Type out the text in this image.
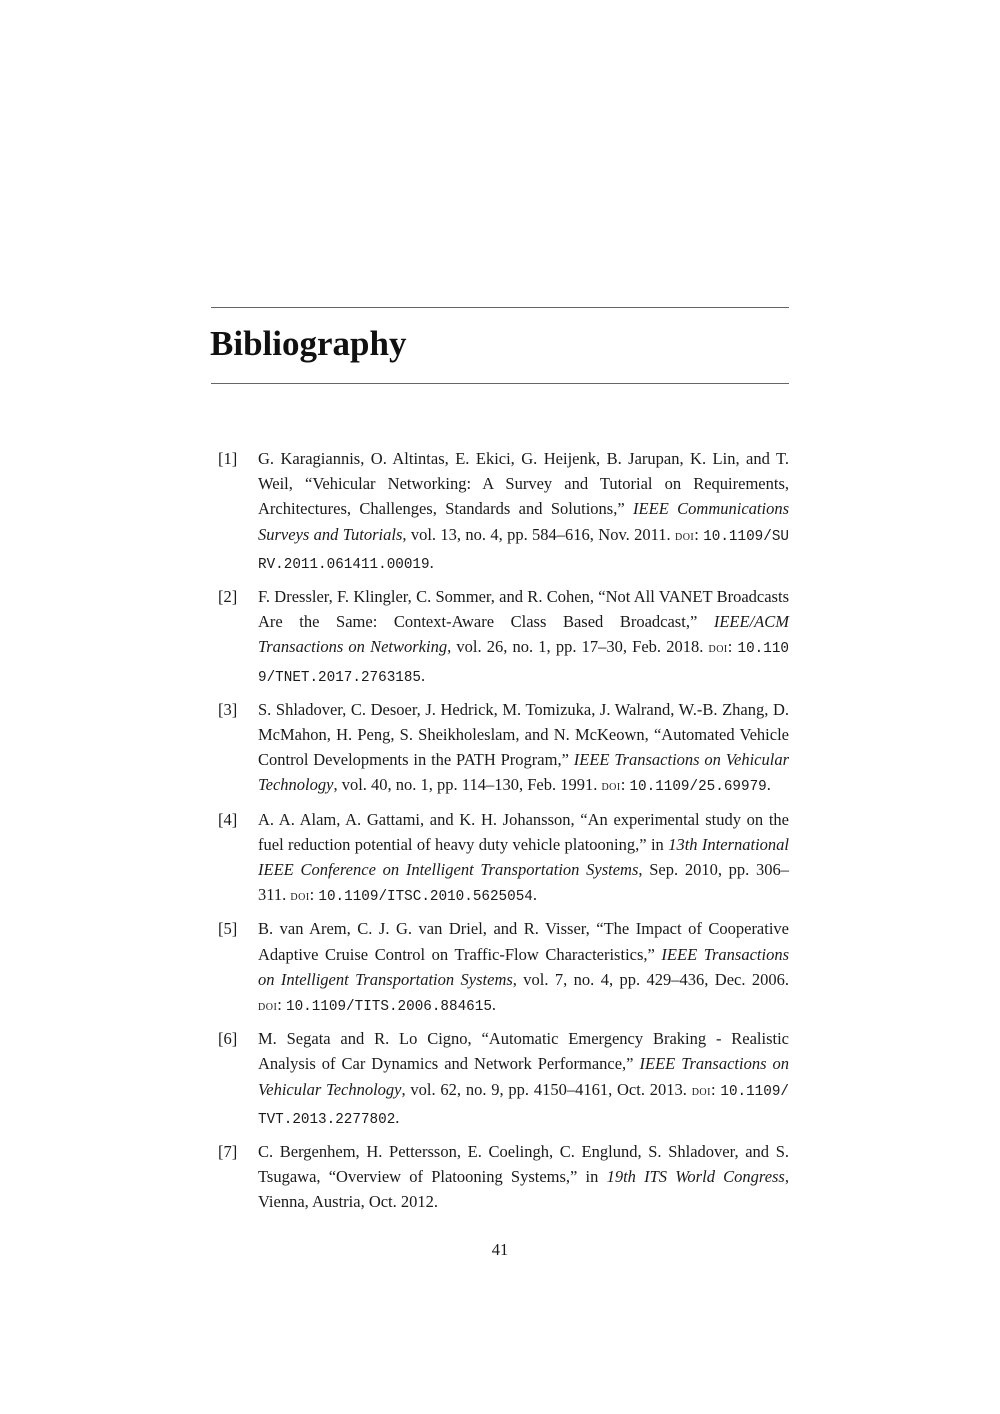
Bibliography
[1] G. Karagiannis, O. Altintas, E. Ekici, G. Heijenk, B. Jarupan, K. Lin, and T. Weil, “Vehicular Networking: A Survey and Tutorial on Requirements, Architectures, Challenges, Standards and Solutions,” IEEE Communications Surveys and Tutorials, vol. 13, no. 4, pp. 584–616, Nov. 2011. doi: 10.1109/SURV.2011.061411.00019.
[2] F. Dressler, F. Klingler, C. Sommer, and R. Cohen, “Not All VANET Broadcasts Are the Same: Context-Aware Class Based Broadcast,” IEEE/ACM Transactions on Networking, vol. 26, no. 1, pp. 17–30, Feb. 2018. doi: 10.1109/TNET.2017.2763185.
[3] S. Shladover, C. Desoer, J. Hedrick, M. Tomizuka, J. Walrand, W.-B. Zhang, D. McMahon, H. Peng, S. Sheikholeslam, and N. McKeown, “Automated Vehicle Control Developments in the PATH Program,” IEEE Transactions on Vehicular Technology, vol. 40, no. 1, pp. 114–130, Feb. 1991. doi: 10.1109/25.69979.
[4] A. A. Alam, A. Gattami, and K. H. Johansson, “An experimental study on the fuel reduction potential of heavy duty vehicle platooning,” in 13th International IEEE Conference on Intelligent Transportation Systems, Sep. 2010, pp. 306–311. doi: 10.1109/ITSC.2010.5625054.
[5] B. van Arem, C. J. G. van Driel, and R. Visser, “The Impact of Cooperative Adaptive Cruise Control on Traffic-Flow Characteristics,” IEEE Transactions on Intelligent Transportation Systems, vol. 7, no. 4, pp. 429–436, Dec. 2006. doi: 10.1109/TITS.2006.884615.
[6] M. Segata and R. Lo Cigno, “Automatic Emergency Braking - Realistic Analysis of Car Dynamics and Network Performance,” IEEE Transactions on Vehicular Technology, vol. 62, no. 9, pp. 4150–4161, Oct. 2013. doi: 10.1109/TVT.2013.2277802.
[7] C. Bergenhem, H. Pettersson, E. Coelingh, C. Englund, S. Shladover, and S. Tsugawa, “Overview of Platooning Systems,” in 19th ITS World Congress, Vienna, Austria, Oct. 2012.
41
